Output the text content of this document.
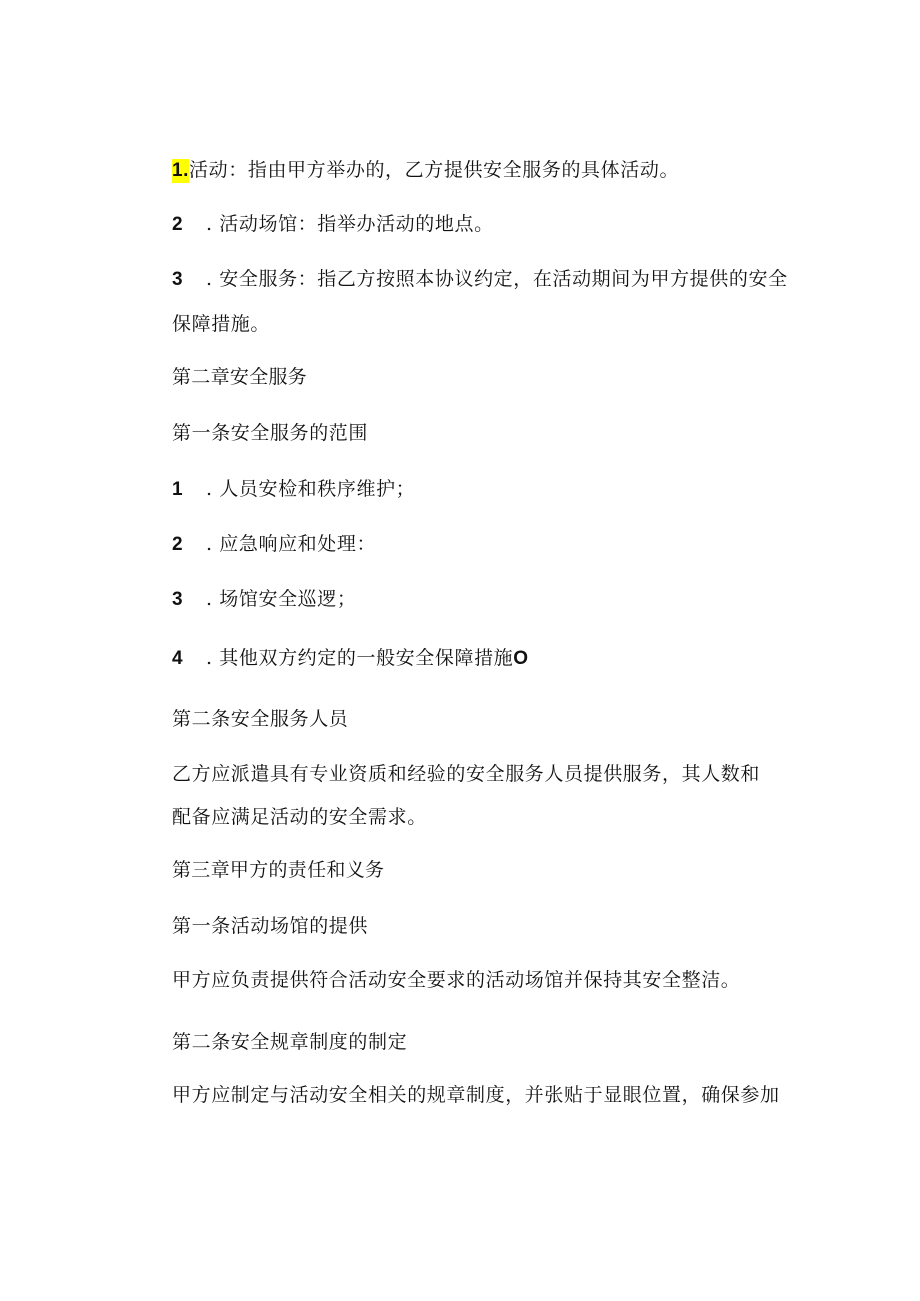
1.活动：指由甲方举办的，乙方提供安全服务的具体活动。
2 . 活动场馆：指举办活动的地点。
3 . 安全服务：指乙方按照本协议约定，在活动期间为甲方提供的安全
保障措施。
第二章安全服务
第一条安全服务的范围
1 . 人员安检和秩序维护；
2 . 应急响应和处理：
3 . 场馆安全巡逻；
4 . 其他双方约定的一般安全保障措施O
第二条安全服务人员
乙方应派遣具有专业资质和经验的安全服务人员提供服务，其人数和
配备应满足活动的安全需求。
第三章甲方的责任和义务
第一条活动场馆的提供
甲方应负责提供符合活动安全要求的活动场馆并保持其安全整洁。
第二条安全规章制度的制定
甲方应制定与活动安全相关的规章制度，并张贴于显眼位置，确保参加
